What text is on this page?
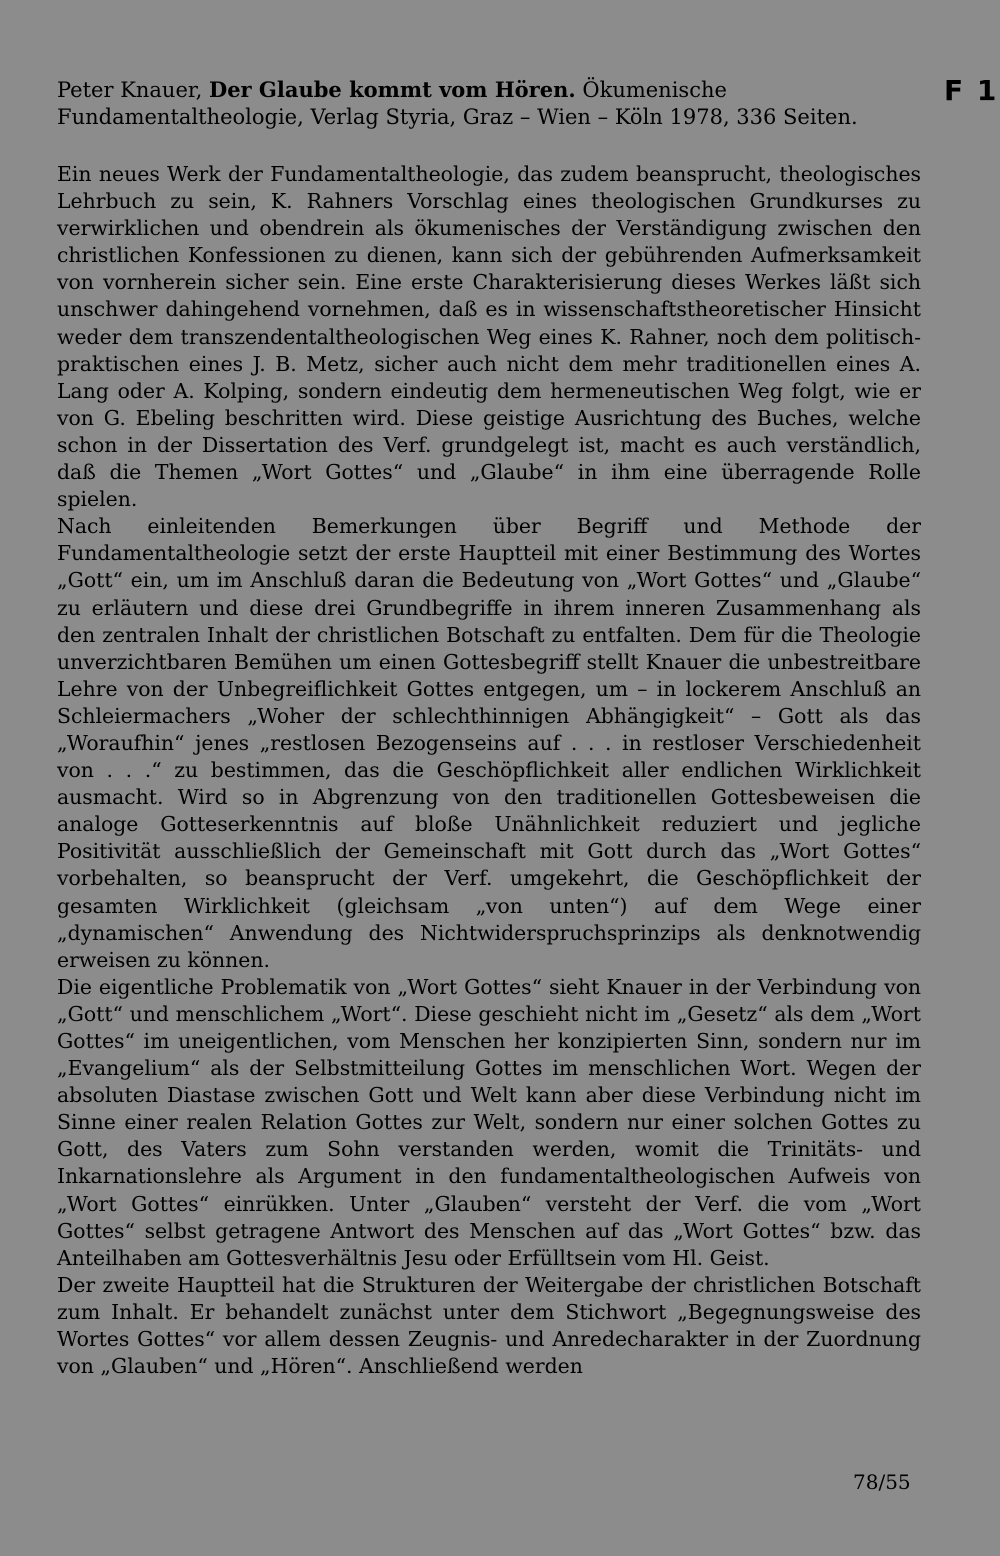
Peter Knauer, Der Glaube kommt vom Hören. Ökumenische Fundamentaltheologie, Verlag Styria, Graz – Wien – Köln 1978, 336 Seiten.
F 1

Ein neues Werk der Fundamentaltheologie, das zudem beansprucht, theologisches Lehrbuch zu sein, K. Rahners Vorschlag eines theologischen Grundkurses zu verwirklichen und obendrein als ökumenisches der Verständigung zwischen den christlichen Konfessionen zu dienen, kann sich der gebührenden Aufmerksamkeit von vornherein sicher sein. Eine erste Charakterisierung dieses Werkes läßt sich unschwer dahingehend vornehmen, daß es in wissenschaftstheoretischer Hinsicht weder dem transzendentaltheologischen Weg eines K. Rahner, noch dem politisch-praktischen eines J. B. Metz, sicher auch nicht dem mehr traditionellen eines A. Lang oder A. Kolping, sondern eindeutig dem hermeneutischen Weg folgt, wie er von G. Ebeling beschritten wird. Diese geistige Ausrichtung des Buches, welche schon in der Dissertation des Verf. grundgelegt ist, macht es auch verständlich, daß die Themen „Wort Gottes“ und „Glaube“ in ihm eine überragende Rolle spielen.

Nach einleitenden Bemerkungen über Begriff und Methode der Fundamentaltheologie setzt der erste Hauptteil mit einer Bestimmung des Wortes „Gott“ ein, um im Anschluß daran die Bedeutung von „Wort Gottes“ und „Glaube“ zu erläutern und diese drei Grundbegriffe in ihrem inneren Zusammenhang als den zentralen Inhalt der christlichen Botschaft zu entfalten. Dem für die Theologie unverzichtbaren Bemühen um einen Gottesbegriff stellt Knauer die unbestreitbare Lehre von der Unbegreiflichkeit Gottes entgegen, um – in lockerem Anschluß an Schleiermachers „Woher der schlechthinnigen Abhängigkeit“ – Gott als das „Woraufhin“ jenes „restlosen Bezogenseins auf . . . in restloser Verschiedenheit von . . .“ zu bestimmen, das die Geschöpflichkeit aller endlichen Wirklichkeit ausmacht. Wird so in Abgrenzung von den traditionellen Gottesbeweisen die analoge Gotteserkenntnis auf bloße Unähnlichkeit reduziert und jegliche Positivität ausschließlich der Gemeinschaft mit Gott durch das „Wort Gottes“ vorbehalten, so beansprucht der Verf. umgekehrt, die Geschöpflichkeit der gesamten Wirklichkeit (gleichsam „von unten“) auf dem Wege einer „dynamischen“ Anwendung des Nichtwiderspruchsprinzips als denknotwendig erweisen zu können.

Die eigentliche Problematik von „Wort Gottes“ sieht Knauer in der Verbindung von „Gott“ und menschlichem „Wort“. Diese geschieht nicht im „Gesetz“ als dem „Wort Gottes“ im uneigentlichen, vom Menschen her konzipierten Sinn, sondern nur im „Evangelium“ als der Selbstmitteilung Gottes im menschlichen Wort. Wegen der absoluten Diastase zwischen Gott und Welt kann aber diese Verbindung nicht im Sinne einer realen Relation Gottes zur Welt, sondern nur einer solchen Gottes zu Gott, des Vaters zum Sohn verstanden werden, womit die Trinitäts- und Inkarnationslehre als Argument in den fundamentaltheologischen Aufweis von „Wort Gottes“ einrükken. Unter „Glauben“ versteht der Verf. die vom „Wort Gottes“ selbst getragene Antwort des Menschen auf das „Wort Gottes“ bzw. das Anteilhaben am Gottesverhältnis Jesu oder Erfülltsein vom Hl. Geist.

Der zweite Hauptteil hat die Strukturen der Weitergabe der christlichen Botschaft zum Inhalt. Er behandelt zunächst unter dem Stichwort „Begegnungsweise des Wortes Gottes“ vor allem dessen Zeugnis- und Anredecharakter in der Zuordnung von „Glauben“ und „Hören“. Anschließend werden

78/55
